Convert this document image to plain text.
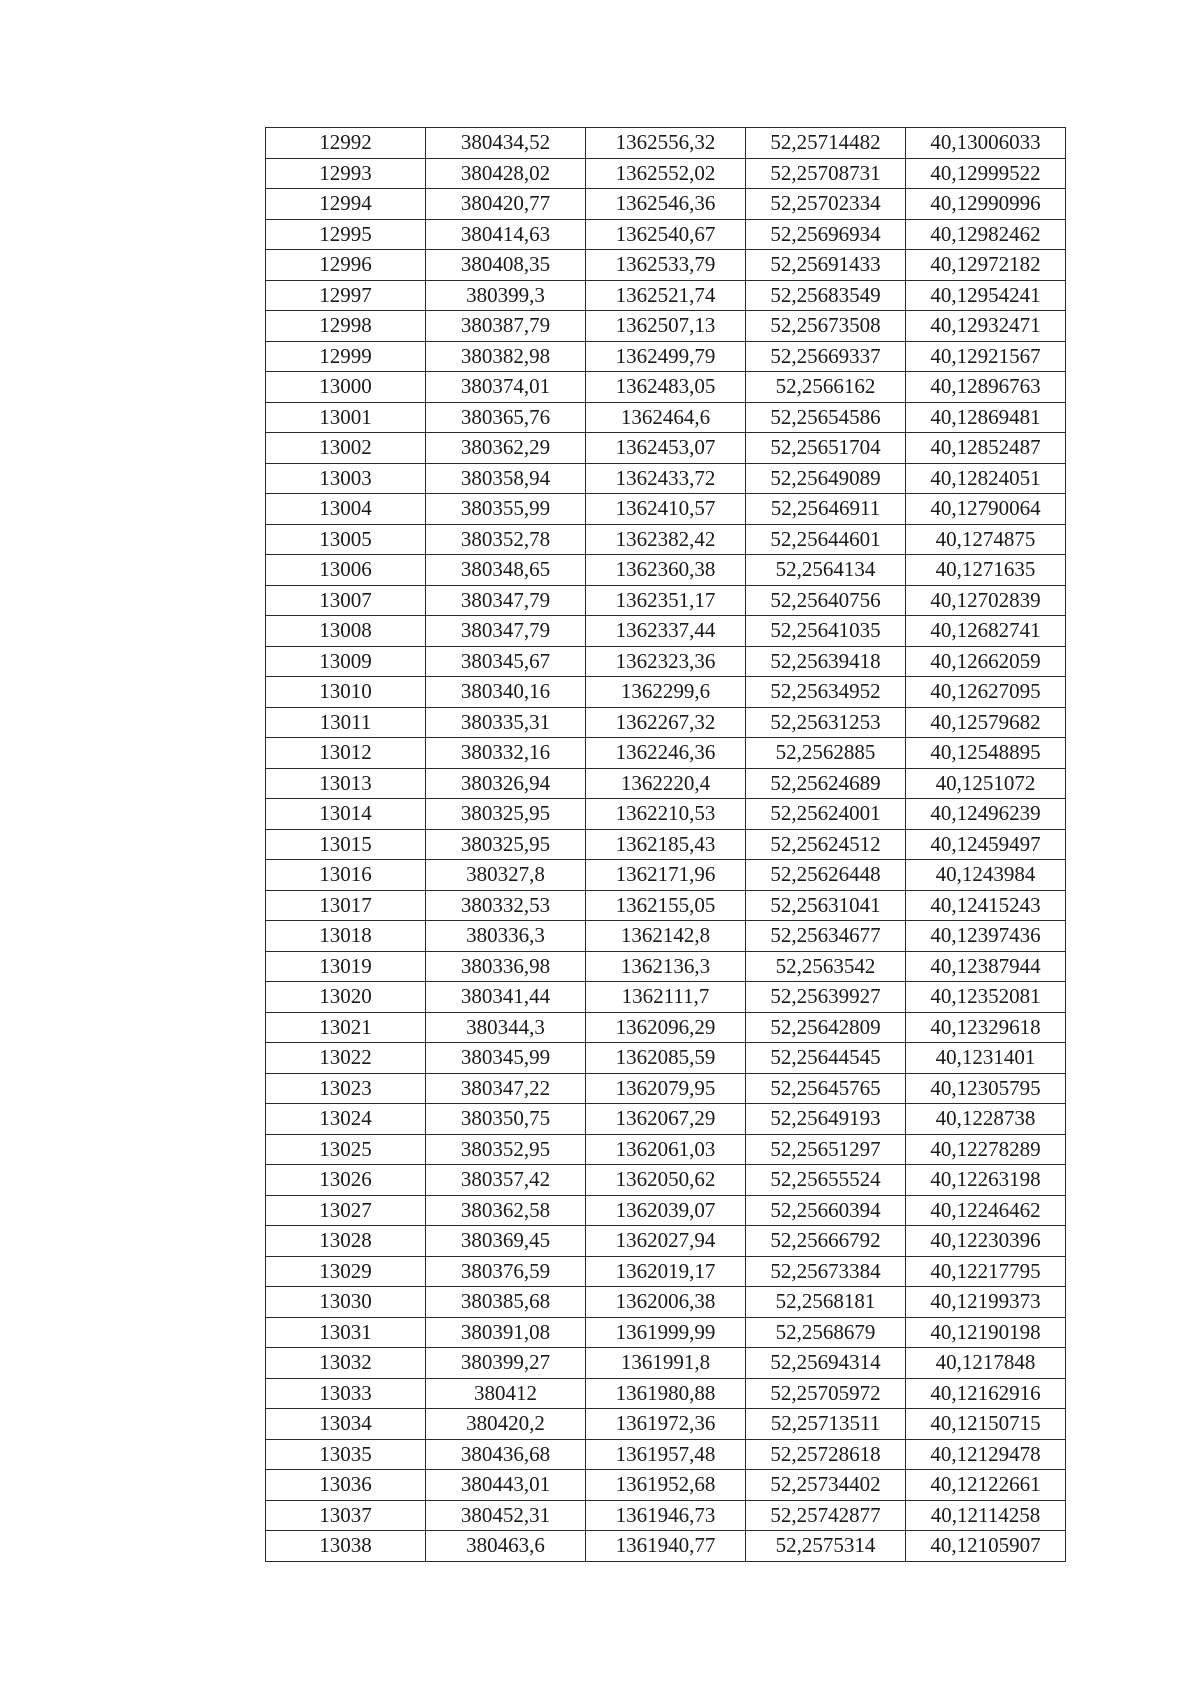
12992	380434,52	1362556,32	52,25714482	40,13006033
12993	380428,02	1362552,02	52,25708731	40,12999522
12994	380420,77	1362546,36	52,25702334	40,12990996
12995	380414,63	1362540,67	52,25696934	40,12982462
12996	380408,35	1362533,79	52,25691433	40,12972182
12997	380399,3	1362521,74	52,25683549	40,12954241
12998	380387,79	1362507,13	52,25673508	40,12932471
12999	380382,98	1362499,79	52,25669337	40,12921567
13000	380374,01	1362483,05	52,2566162	40,12896763
13001	380365,76	1362464,6	52,25654586	40,12869481
13002	380362,29	1362453,07	52,25651704	40,12852487
13003	380358,94	1362433,72	52,25649089	40,12824051
13004	380355,99	1362410,57	52,25646911	40,12790064
13005	380352,78	1362382,42	52,25644601	40,1274875
13006	380348,65	1362360,38	52,2564134	40,1271635
13007	380347,79	1362351,17	52,25640756	40,12702839
13008	380347,79	1362337,44	52,25641035	40,12682741
13009	380345,67	1362323,36	52,25639418	40,12662059
13010	380340,16	1362299,6	52,25634952	40,12627095
13011	380335,31	1362267,32	52,25631253	40,12579682
13012	380332,16	1362246,36	52,2562885	40,12548895
13013	380326,94	1362220,4	52,25624689	40,1251072
13014	380325,95	1362210,53	52,25624001	40,12496239
13015	380325,95	1362185,43	52,25624512	40,12459497
13016	380327,8	1362171,96	52,25626448	40,1243984
13017	380332,53	1362155,05	52,25631041	40,12415243
13018	380336,3	1362142,8	52,25634677	40,12397436
13019	380336,98	1362136,3	52,2563542	40,12387944
13020	380341,44	1362111,7	52,25639927	40,12352081
13021	380344,3	1362096,29	52,25642809	40,12329618
13022	380345,99	1362085,59	52,25644545	40,1231401
13023	380347,22	1362079,95	52,25645765	40,12305795
13024	380350,75	1362067,29	52,25649193	40,1228738
13025	380352,95	1362061,03	52,25651297	40,12278289
13026	380357,42	1362050,62	52,25655524	40,12263198
13027	380362,58	1362039,07	52,25660394	40,12246462
13028	380369,45	1362027,94	52,25666792	40,12230396
13029	380376,59	1362019,17	52,25673384	40,12217795
13030	380385,68	1362006,38	52,2568181	40,12199373
13031	380391,08	1361999,99	52,2568679	40,12190198
13032	380399,27	1361991,8	52,25694314	40,1217848
13033	380412	1361980,88	52,25705972	40,12162916
13034	380420,2	1361972,36	52,25713511	40,12150715
13035	380436,68	1361957,48	52,25728618	40,12129478
13036	380443,01	1361952,68	52,25734402	40,12122661
13037	380452,31	1361946,73	52,25742877	40,12114258
13038	380463,6	1361940,77	52,2575314	40,12105907
